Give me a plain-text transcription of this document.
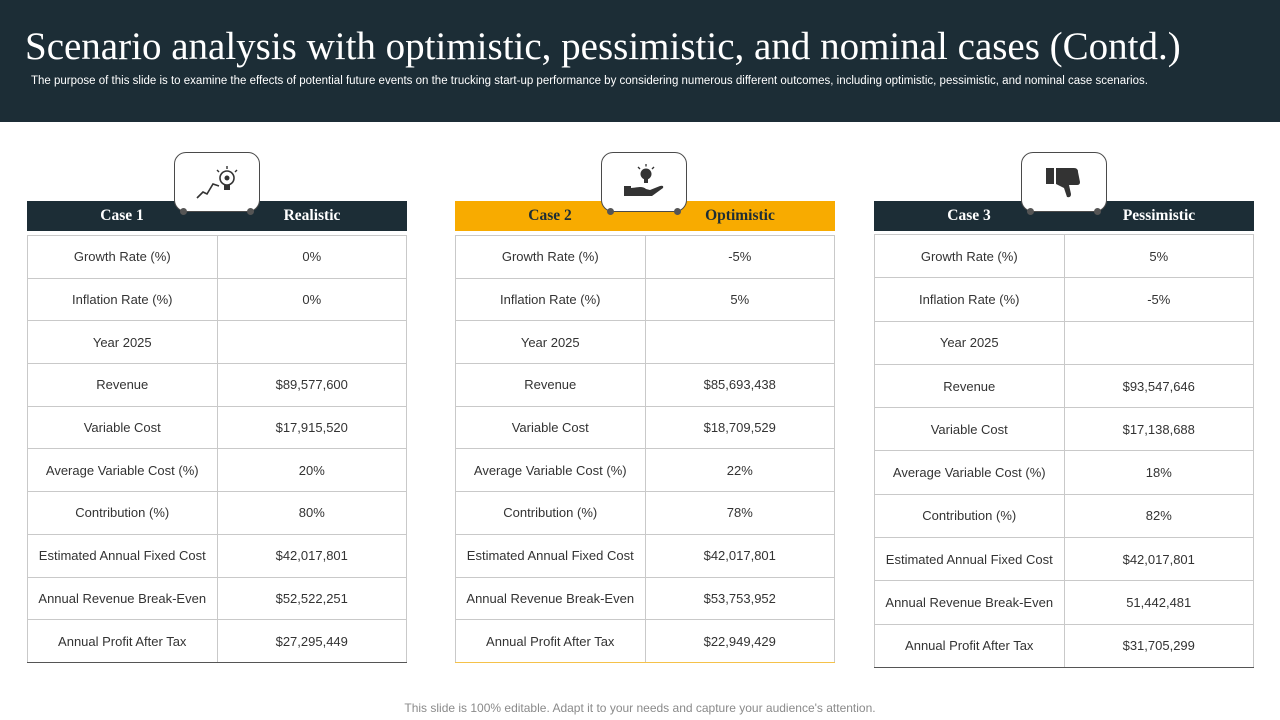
Scenario analysis with optimistic, pessimistic, and nominal cases (Contd.)
The purpose of this slide is to examine the effects of potential future events on the trucking start-up performance by considering numerous different outcomes, including optimistic, pessimistic, and nominal case scenarios.
Case 1	Realistic
Growth Rate (%)	0%
Inflation Rate (%)	0%
Year 2025	
Revenue	$89,577,600
Variable Cost	$17,915,520
Average Variable Cost (%)	20%
Contribution (%)	80%
Estimated Annual Fixed Cost	$42,017,801
Annual Revenue Break-Even	$52,522,251
Annual Profit After Tax	$27,295,449
Case 2	Optimistic
Growth Rate (%)	-5%
Inflation Rate (%)	5%
Year 2025	
Revenue	$85,693,438
Variable Cost	$18,709,529
Average Variable Cost (%)	22%
Contribution (%)	78%
Estimated Annual Fixed Cost	$42,017,801
Annual Revenue Break-Even	$53,753,952
Annual Profit After Tax	$22,949,429
Case 3	Pessimistic
Growth Rate (%)	5%
Inflation Rate (%)	-5%
Year 2025	
Revenue	$93,547,646
Variable Cost	$17,138,688
Average Variable Cost (%)	18%
Contribution (%)	82%
Estimated Annual Fixed Cost	$42,017,801
Annual Revenue Break-Even	51,442,481
Annual Profit After Tax	$31,705,299
This slide is 100% editable. Adapt it to your needs and capture your audience's attention.
